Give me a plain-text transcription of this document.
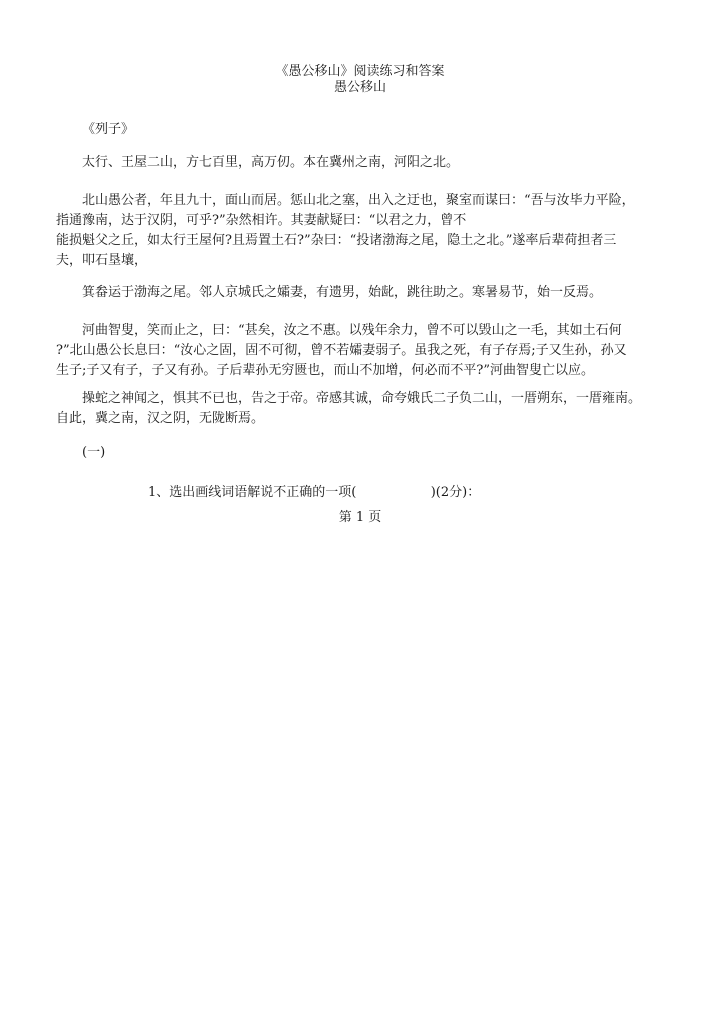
《愚公移山》阅读练习和答案
愚公移山
《列子》
太行、王屋二山，方七百里，高万仞。本在冀州之南，河阳之北。
北山愚公者，年且九十，面山而居。惩山北之塞，出入之迂也，聚室而谋曰：“吾与汝毕力平险，
指通豫南，达于汉阴，可乎?”杂然相许。其妻献疑曰：“以君之力，曾不
能损魁父之丘，如太行王屋何?且焉置土石?”杂曰：“投诸渤海之尾，隐土之北。”遂率后辈荷担者三
夫，叩石垦壤，
箕畚运于渤海之尾。邻人京城氏之孀妻，有遗男，始龀，跳往助之。寒暑易节，始一反焉。
河曲智叟，笑而止之，曰：“甚矣，汝之不惠。以残年余力，曾不可以毁山之一毛，其如土石何
?”北山愚公长息曰：“汝心之固，固不可彻，曾不若孀妻弱子。虽我之死，有子存焉;子又生孙，孙又
生子;子又有子，子又有孙。子后辈孙无穷匮也，而山不加增，何必而不平?”河曲智叟亡以应。
操蛇之神闻之，惧其不已也，告之于帝。帝感其诚，命夸娥氏二子负二山，一厝朔东，一厝雍南。
自此，冀之南，汉之阴，无陇断焉。
(一)
1、选出画线词语解说不正确的一项(                  )(2分)：
第 1 页
